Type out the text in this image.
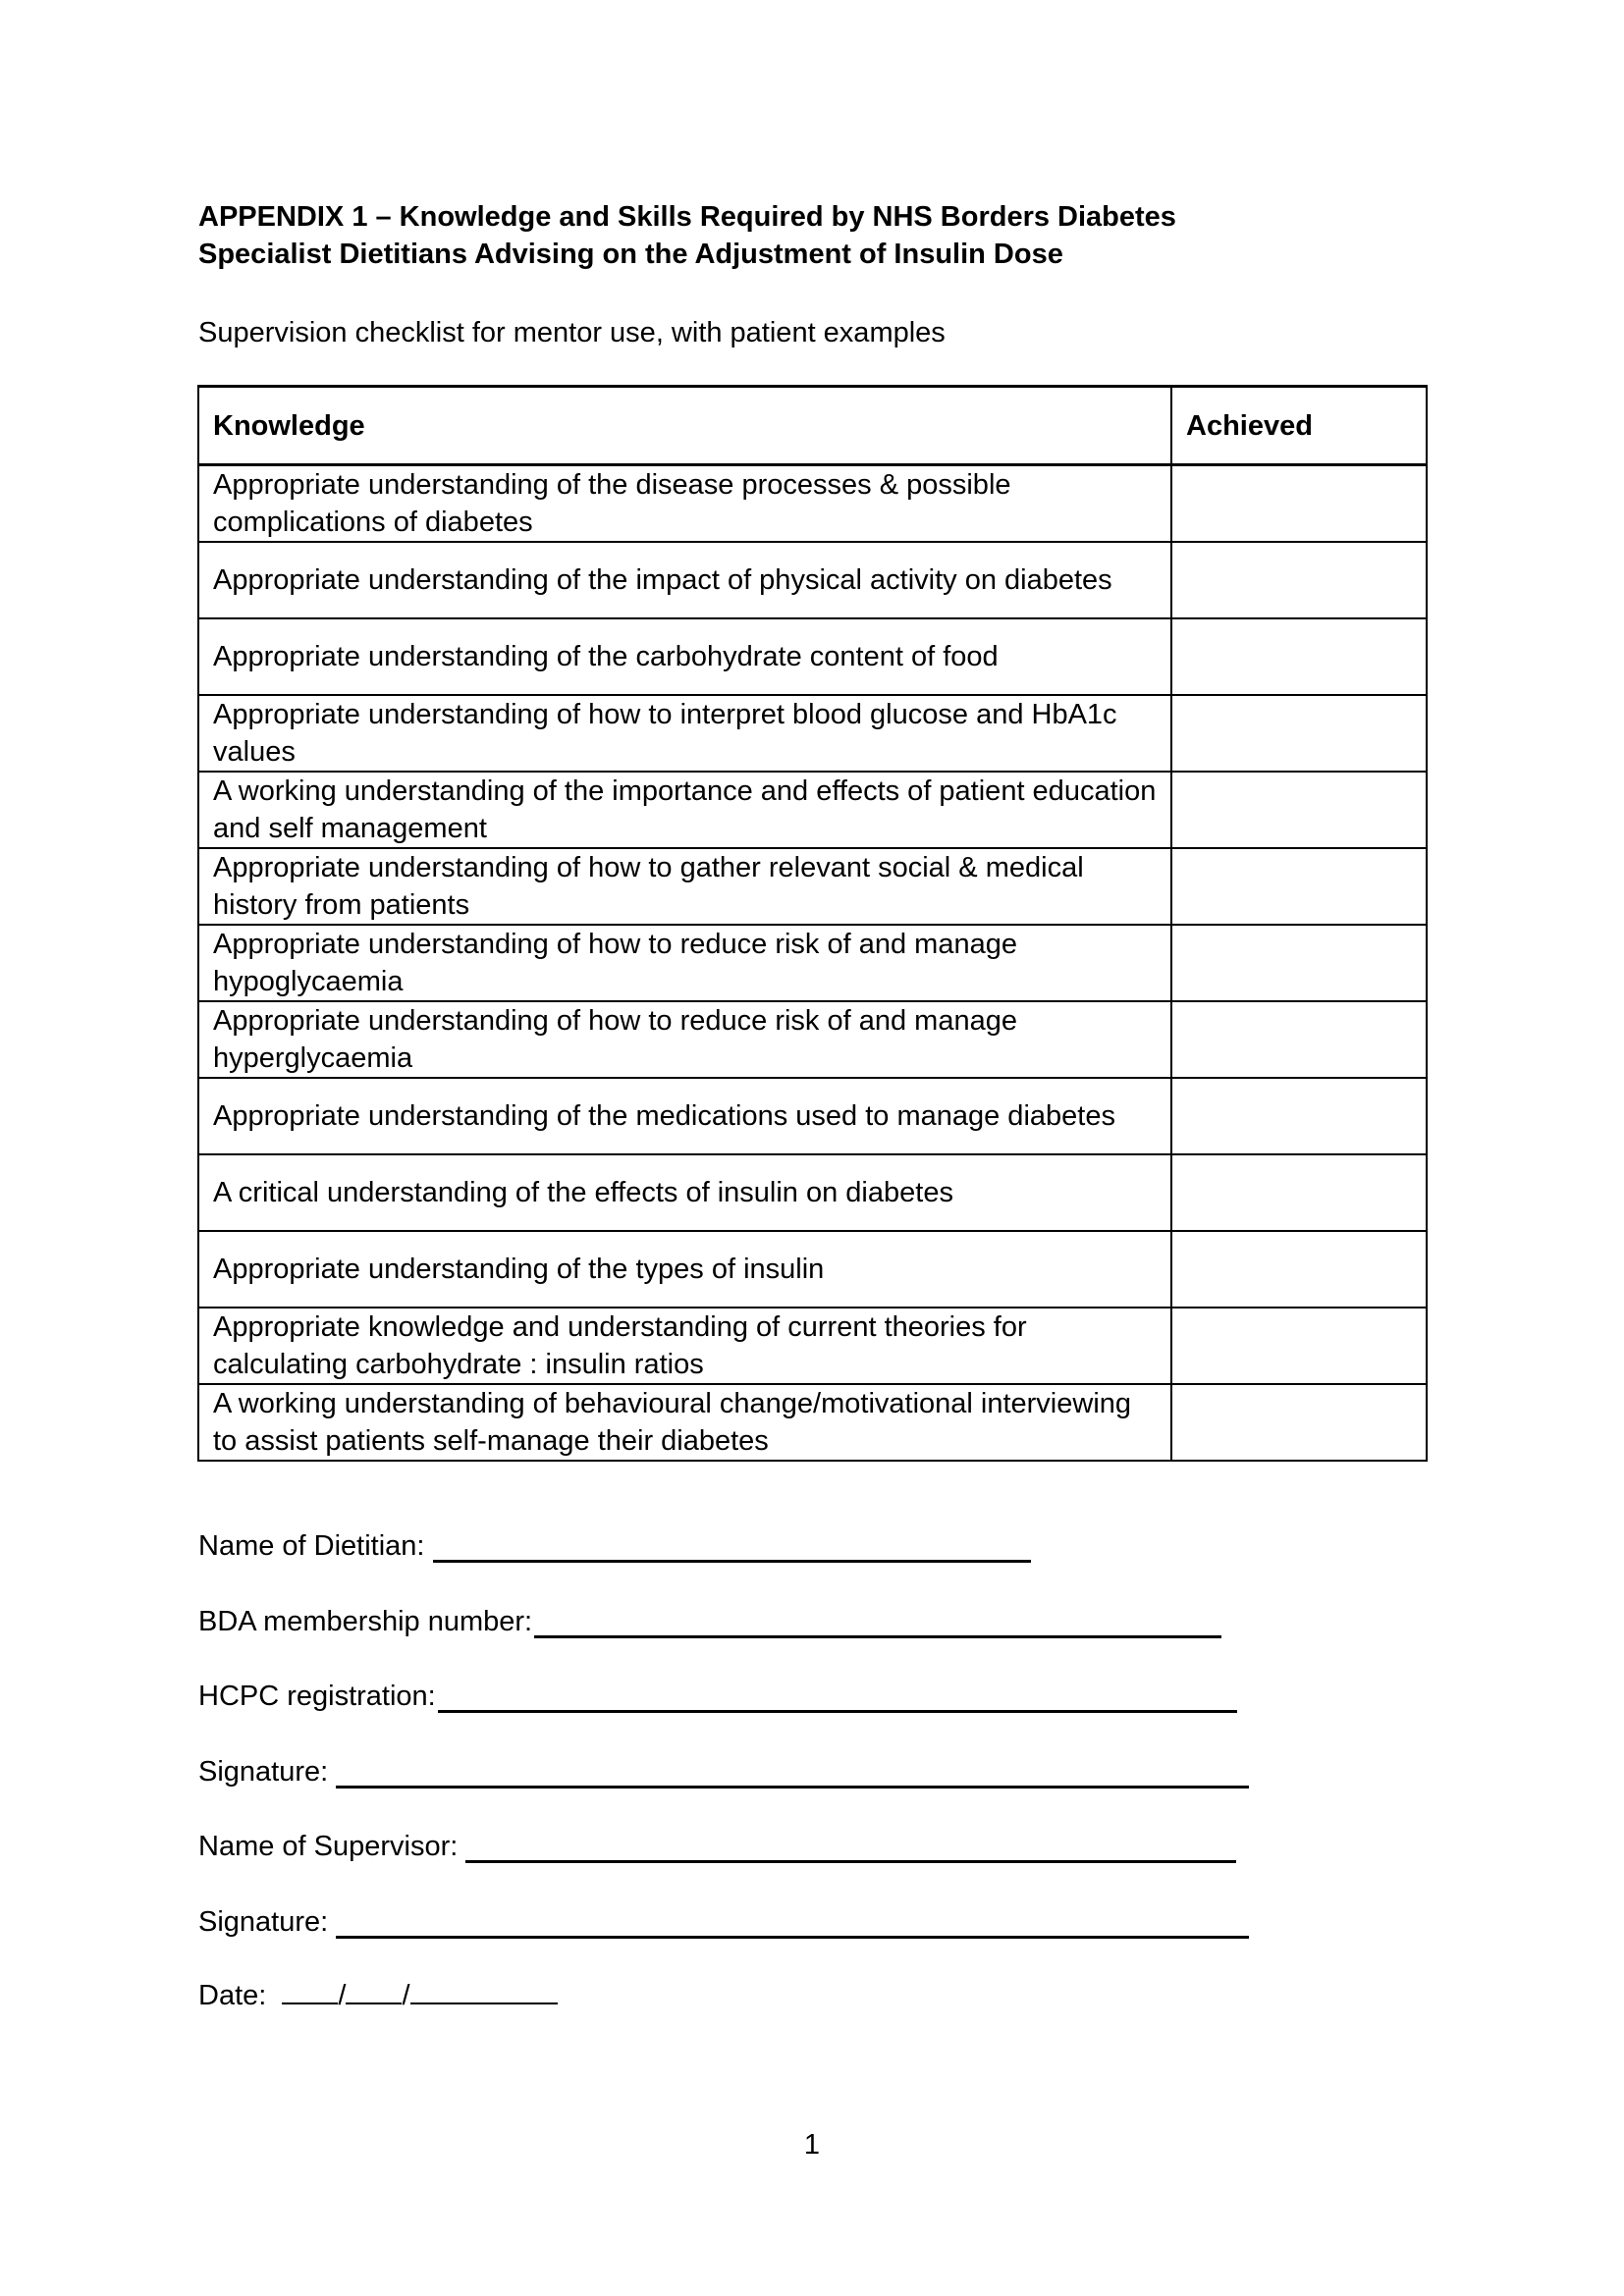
APPENDIX 1 – Knowledge and Skills Required by NHS Borders Diabetes
Specialist Dietitians Advising on the Adjustment of Insulin Dose

Supervision checklist for mentor use, with patient examples

Knowledge	Achieved
Appropriate understanding of the disease processes & possible complications of diabetes	
Appropriate understanding of the impact of physical activity on diabetes	
Appropriate understanding of the carbohydrate content of food	
Appropriate understanding of how to interpret blood glucose and HbA1c values	
A working understanding of the importance and effects of patient education and self management	
Appropriate understanding of how to gather relevant social & medical history from patients	
Appropriate understanding of how to reduce risk of and manage hypoglycaemia	
Appropriate understanding of how to reduce risk of and manage hyperglycaemia	
Appropriate understanding of the medications used to manage diabetes	
A critical understanding of the effects of insulin on diabetes	
Appropriate understanding of the types of insulin	
Appropriate knowledge and understanding of current theories for calculating carbohydrate : insulin ratios	
A working understanding of behavioural change/motivational interviewing to assist patients self-manage their diabetes	
Name of Dietitian:
BDA membership number:
HCPC registration:
Signature:
Name of Supervisor:
Signature:
Date:	/ /
1
